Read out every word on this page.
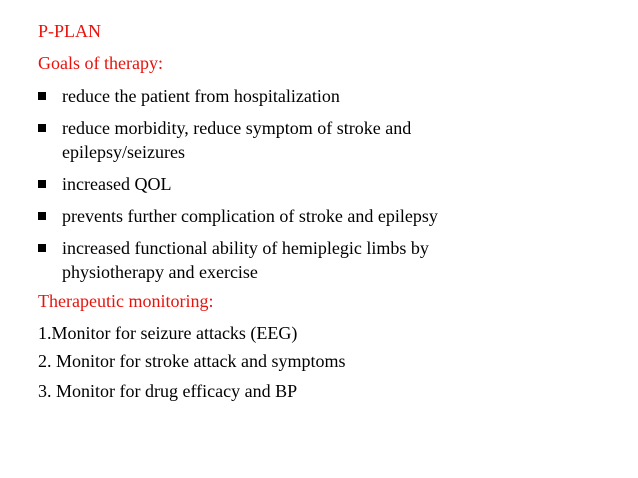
P-PLAN
Goals of therapy:
reduce the patient from hospitalization
reduce morbidity, reduce symptom of stroke and
epilepsy/seizures
increased QOL
prevents further complication of stroke and epilepsy
increased functional ability of hemiplegic limbs by
physiotherapy and exercise
Therapeutic monitoring:
1.Monitor for seizure attacks (EEG)
2. Monitor for stroke attack and symptoms
3. Monitor for drug efficacy and BP
